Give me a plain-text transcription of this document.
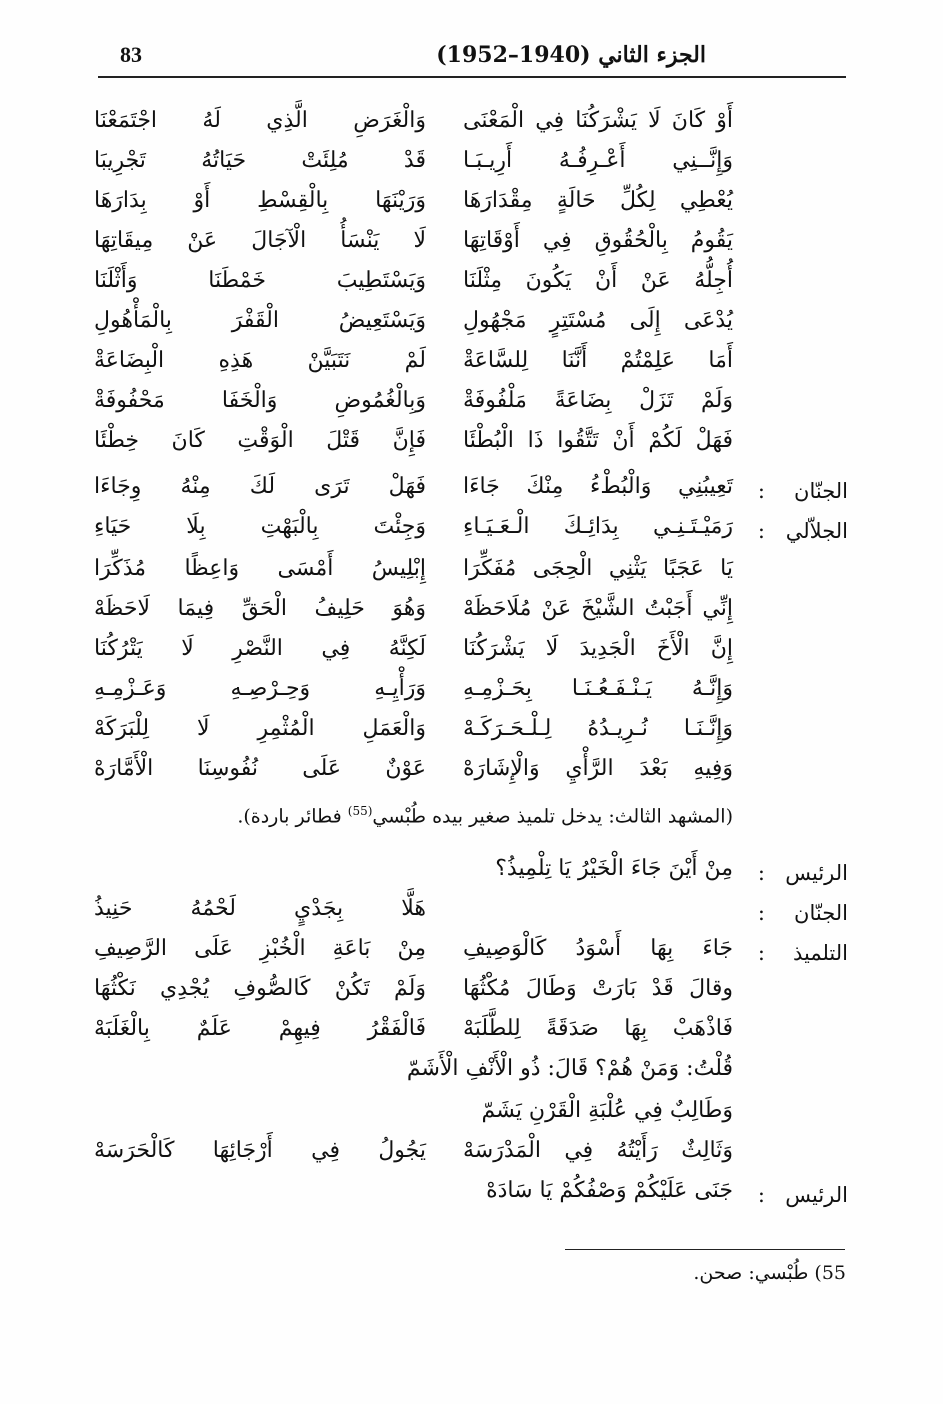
83	الجزء الثاني (1940–1952)
أَوْ كَانَ لَا يَشْرَكُنَا فِي الْمَعْنَى
وَالْغَرَضِ الَّذِي لَهُ اجْتَمَعْنَا
وَإِنَّــنِي أَعْـرِفُـهُ أَرِيـبَـا
قَدْ مُلِئَتْ حَيَاتُهُ تَجْرِيبَا
يُعْطِي لِكُلِّ حَالَةٍ مِقْدَارَهَا
وَرَيْنَهَا بِالْقِسْطِ أَوْ بِدَارَهَا
يَقُومُ بِالْحُقُوقِ فِي أَوْقَاتِهَا
لَا يَنْسَأُ الْآجَالَ عَنْ مِيقَاتِهَا
أُجِلُّهُ عَنْ أَنْ يَكُونَ مِثْلَنَا
وَيَسْتَطِيبَ خَمْطَنَا وَأَثْلَنَا
يُدْعَى إِلَى مُسْتَتِرٍ مَجْهُولِ
وَيَسْتَعِيضُ الْقَفْرَ بِالْمَأْهُولِ
أَمَا عَلِمْتُمْ أَنَّنَا لِلسَّاعَةْ
لَمْ نَتَبَيَّنْ هَذِهِ الْبِضَاعَةْ
وَلَمْ تَزَلْ بِضَاعَةً مَلْفُوفَةْ
وَبِالْغُمُوضِ وَالْخَفَا مَحْفُوفَةْ
فَهَلْ لَكُمْ أَنْ تَتَّقُوا ذَا الْبُطْئَا
فَإِنَّ قَتْلَ الْوَقْتِ كَانَ خِطْئَا
الجنّان
:
تَعِيبُنِي وَالْبُطْءُ مِنْكَ جَاءَا
فَهَلْ تَرَى لَكَ مِنْهُ وِجَاءَا
الجلاّلي
:
رَمَيْـتَـنِـي بِدَائِـكَ الْـعَـيَـاءِ
وَجِئْتَ بِالْبَهْتِ بِلَا حَيَاءِ
يَا عَجَبًا يَثْنِي الْحِجَى مُفَكِّرَا
إِبْلِيسُ أَمْسَى وَاعِظًا مُذَكِّرَا
إِنِّي أَجَبْتُ الشَّيْخَ عَنْ مُلَاحَظَهْ
وَهُوَ حَلِيفُ الْحَقِّ فِيمَا لَاحَظَهْ
إِنَّ الْأَخَ الْجَدِيدَ لَا يَشْرَكُنَا
لَكِنَّهُ فِي النَّصْرِ لَا يَتْرُكُنَا
وَإِنَّـهُ يَـنْـفَـعُـنَـا بِحَـزْمِـهِ
وَرَأْيِـهِ وَحِـرْصِـهِ وَعَـزْمِـهِ
وَإِنَّـنَـا نُـرِيـدُهُ لِـلْـحَـرَكَـهْ
وَالْعَمَلِ الْمُثْمِرِ لَا لِلْبَرَكَهْ
وَفِيهِ بَعْدَ الرَّأْيِ وَالْإِشَارَهْ
عَوْنٌ عَلَى نُفُوسِنَا الْأَمَّارَهْ
(المشهد الثالث: يدخل تلميذ صغير بيده طُبْسي$^{(55)}$ فطائر باردة).
الرئيس
:
مِنْ أَيْنَ جَاءَ الْخَيْرُ يَا تِلْمِيذُ؟
الجنّان
:
هَلَّا بِجَدْيٍ لَحْمُهُ حَنِيذُ
التلميذ
:
جَاءَ بِهَا أَسْوَدُ كَالْوَصِيفِ
مِنْ بَاعَةِ الْخُبْزِ عَلَى الرَّصِيفِ
وقالَ قَدْ بَارَتْ وَطَالَ مُكْثُهَا
وَلَمْ تَكُنْ كَالصُّوفِ يُجْدِي نَكْثُهَا
فَاذْهَبْ بِهَا صَدَقَةً لِلطَّلَبَهْ
فَالْفَقْرُ فِيهِمْ عَلَمٌ بِالْغَلَبَهْ
قُلْتُ: وَمَنْ هُمْ؟ قَالَ: ذُو الْأَنْفِ الْأَشَمّ
وَطَالِبٌ فِي عُلْبَةِ الْقَرْنِ يَشَمّ
وَثَالِثٌ رَأَيْتُهُ فِي الْمَدْرَسَهْ
يَجُولُ فِي أَرْجَائِهَا كَالْحَرَسَهْ
الرئيس
:
جَنَى عَلَيْكُمْ وَصْفُكُمْ يَا سَادَهْ
55) طُبْسي: صحن.
